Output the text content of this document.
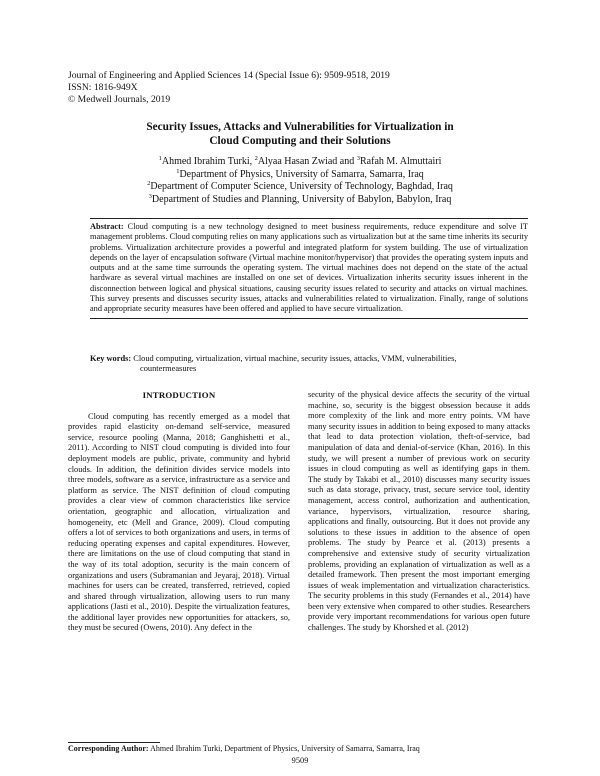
Journal of Engineering and Applied Sciences 14 (Special Issue 6): 9509-9518, 2019
ISSN: 1816-949X
© Medwell Journals, 2019
Security Issues, Attacks and Vulnerabilities for Virtualization in
Cloud Computing and their Solutions
$^1$Ahmed Ibrahim Turki, $^2$Alyaa Hasan Zwiad and $^3$Rafah M. Almuttairi
$^1$Department of Physics, University of Samarra, Samarra, Iraq
$^2$Department of Computer Science, University of Technology, Baghdad, Iraq
$^3$Department of Studies and Planning, University of Babylon, Babylon, Iraq
Abstract: Cloud computing is a new technology designed to meet business requirements, reduce expenditure and solve IT management problems. Cloud computing relies on many applications such as virtualization but at the same time inherits its security problems. Virtualization architecture provides a powerful and integrated platform for system building. The use of virtualization depends on the layer of encapsulation software (Virtual machine monitor/hypervisor) that provides the operating system inputs and outputs and at the same time surrounds the operating system. The virtual machines does not depend on the state of the actual hardware as several virtual machines are installed on one set of devices. Virtualization inherits security issues inherent in the disconnection between logical and physical situations, causing security issues related to security and attacks on virtual machines. This survey presents and discusses security issues, attacks and vulnerabilities related to virtualization. Finally, range of solutions and appropriate security measures have been offered and applied to have secure virtualization.
Key words: Cloud computing, virtualization, virtual machine, security issues, attacks, VMM, vulnerabilities,
countermeasures
INTRODUCTION

Cloud computing has recently emerged as a model that provides rapid elasticity on-demand self-service, measured service, resource pooling (Manna, 2018; Ganghishetti et al., 2011). According to NIST cloud computing is divided into four deployment models are public, private, community and hybrid clouds. In addition, the definition divides service models into three models, software as a service, infrastructure as a service and platform as service. The NIST definition of cloud computing provides a clear view of common characteristics like service orientation, geographic and allocation, virtualization and homogeneity, etc (Mell and Grance, 2009). Cloud computing offers a lot of services to both organizations and users, in terms of reducing operating expenses and capital expenditures. However, there are limitations on the use of cloud computing that stand in the way of its total adoption, security is the main concern of organizations and users (Subramanian and Jeyaraj, 2018). Virtual machines for users can be created, transferred, retrieved, copied and shared through virtualization, allowing users to run many applications (Jasti et al., 2010). Despite the virtualization features, the additional layer provides new opportunities for attackers, so, they must be secured (Owens, 2010). Any defect in the

security of the physical device affects the security of the virtual machine, so, security is the biggest obsession because it adds more complexity of the link and more entry points. VM have many security issues in addition to being exposed to many attacks that lead to data protection violation, theft-of-service, bad manipulation of data and denial-of-service (Khan, 2016). In this study, we will present a number of previous work on security issues in cloud computing as well as identifying gaps in them. The study by Takabi et al., 2010) discusses many security issues such as data storage, privacy, trust, secure service tool, identity management, access control, authorization and authentication, variance, hypervisors, virtualization, resource sharing, applications and finally, outsourcing. But it does not provide any solutions to these issues in addition to the absence of open problems. The study by Pearce et al. (2013) presents a comprehensive and extensive study of security virtualization problems, providing an explanation of virtualization as well as a detailed framework. Then present the most important emerging issues of weak implementation and virtualization characteristics. The security problems in this study (Fernandes et al., 2014) have been very extensive when compared to other studies. Researchers provide very important recommendations for various open future challenges. The study by Khorshed et al. (2012)

Corresponding Author: Ahmed Ibrahim Turki, Department of Physics, University of Samarra, Samarra, Iraq
9509
